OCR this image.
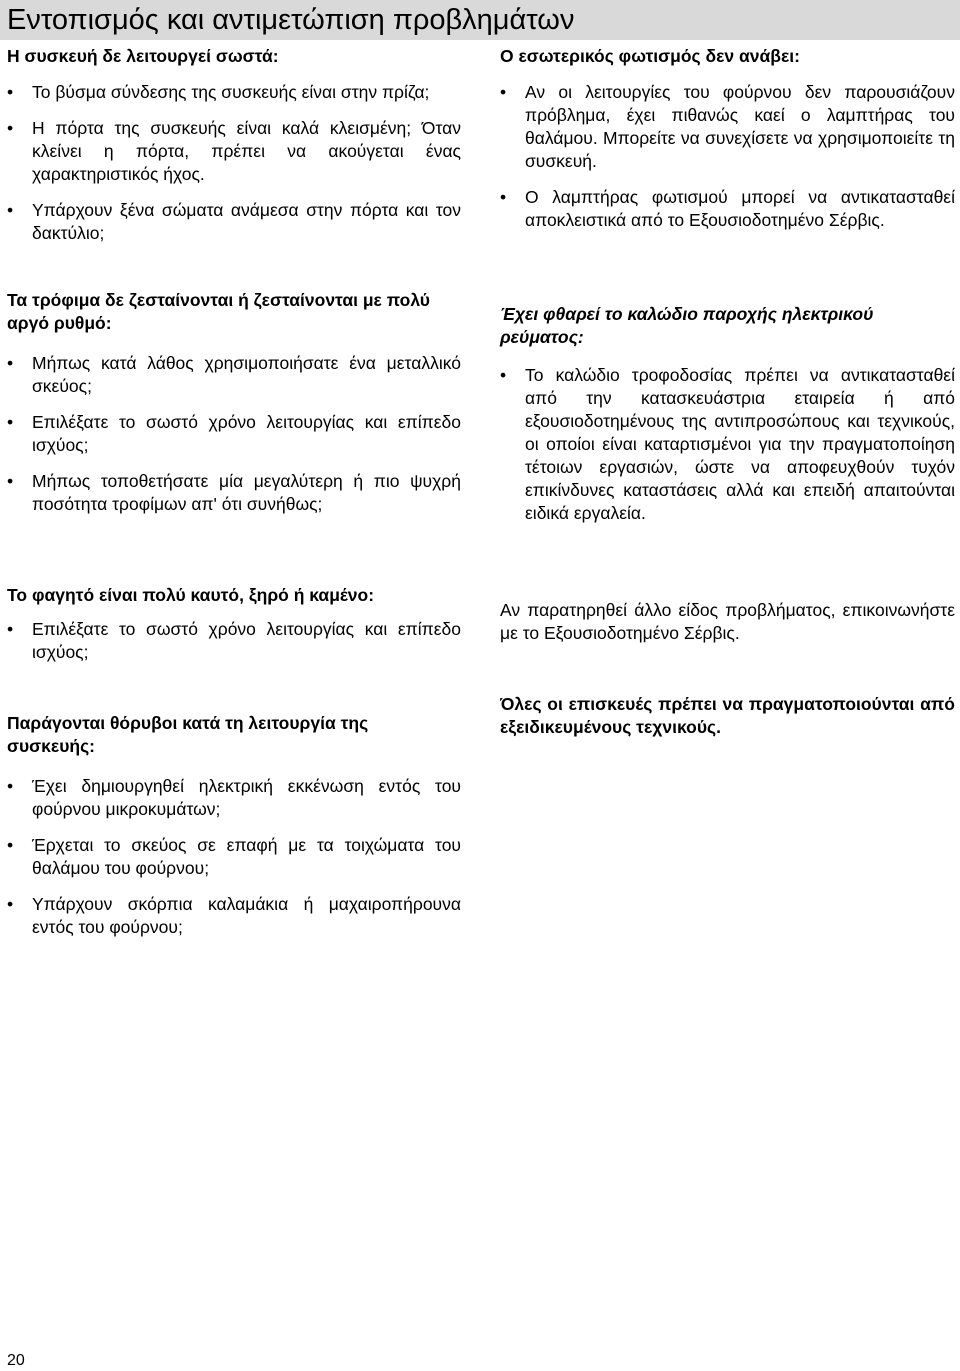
Εντοπισμός και αντιμετώπιση προβλημάτων
Η συσκευή δε λειτουργεί σωστά:
• Το βύσμα σύνδεσης της συσκευής είναι στην πρίζα;
• Η πόρτα της συσκευής είναι καλά κλεισμένη; Όταν κλείνει η πόρτα, πρέπει να ακούγεται ένας χαρακτηριστικός ήχος.
• Υπάρχουν ξένα σώματα ανάμεσα στην πόρτα και τον δακτύλιο;
Τα τρόφιμα δε ζεσταίνονται ή ζεσταίνονται με πολύ αργό ρυθμό:
• Μήπως κατά λάθος χρησιμοποιήσατε ένα μεταλλικό σκεύος;
• Επιλέξατε το σωστό χρόνο λειτουργίας και επίπεδο ισχύος;
• Μήπως τοποθετήσατε μία μεγαλύτερη ή πιο ψυχρή ποσότητα τροφίμων απ' ότι συνήθως;
Το φαγητό είναι πολύ καυτό, ξηρό ή καμένο:
• Επιλέξατε το σωστό χρόνο λειτουργίας και επίπεδο ισχύος;
Παράγονται θόρυβοι κατά τη λειτουργία της συσκευής:
• Έχει δημιουργηθεί ηλεκτρική εκκένωση εντός του φούρνου μικροκυμάτων;
• Έρχεται το σκεύος σε επαφή με τα τοιχώματα του θαλάμου του φούρνου;
• Υπάρχουν σκόρπια καλαμάκια ή μαχαιροπήρουνα εντός του φούρνου;
Ο εσωτερικός φωτισμός δεν ανάβει:
• Αν οι λειτουργίες του φούρνου δεν παρουσιάζουν πρόβλημα, έχει πιθανώς καεί ο λαμπτήρας του θαλάμου. Μπορείτε να συνεχίσετε να χρησιμοποιείτε τη συσκευή.
• Ο λαμπτήρας φωτισμού μπορεί να αντικατασταθεί αποκλειστικά από το Εξουσιοδοτημένο Σέρβις.
Έχει φθαρεί το καλώδιο παροχής ηλεκτρικού ρεύματος:
• Το καλώδιο τροφοδοσίας πρέπει να αντικατασταθεί από την κατασκευάστρια εταιρεία ή από εξουσιοδοτημένους της αντιπροσώπους και τεχνικούς, οι οποίοι είναι καταρτισμένοι για την πραγματοποίηση τέτοιων εργασιών, ώστε να αποφευχθούν τυχόν επικίνδυνες καταστάσεις αλλά και επειδή απαιτούνται ειδικά εργαλεία.

Αν παρατηρηθεί άλλο είδος προβλήματος, επικοινωνήστε με το Εξουσιοδοτημένο Σέρβις.

Όλες οι επισκευές πρέπει να πραγματοποιούνται από εξειδικευμένους τεχνικούς.

20
